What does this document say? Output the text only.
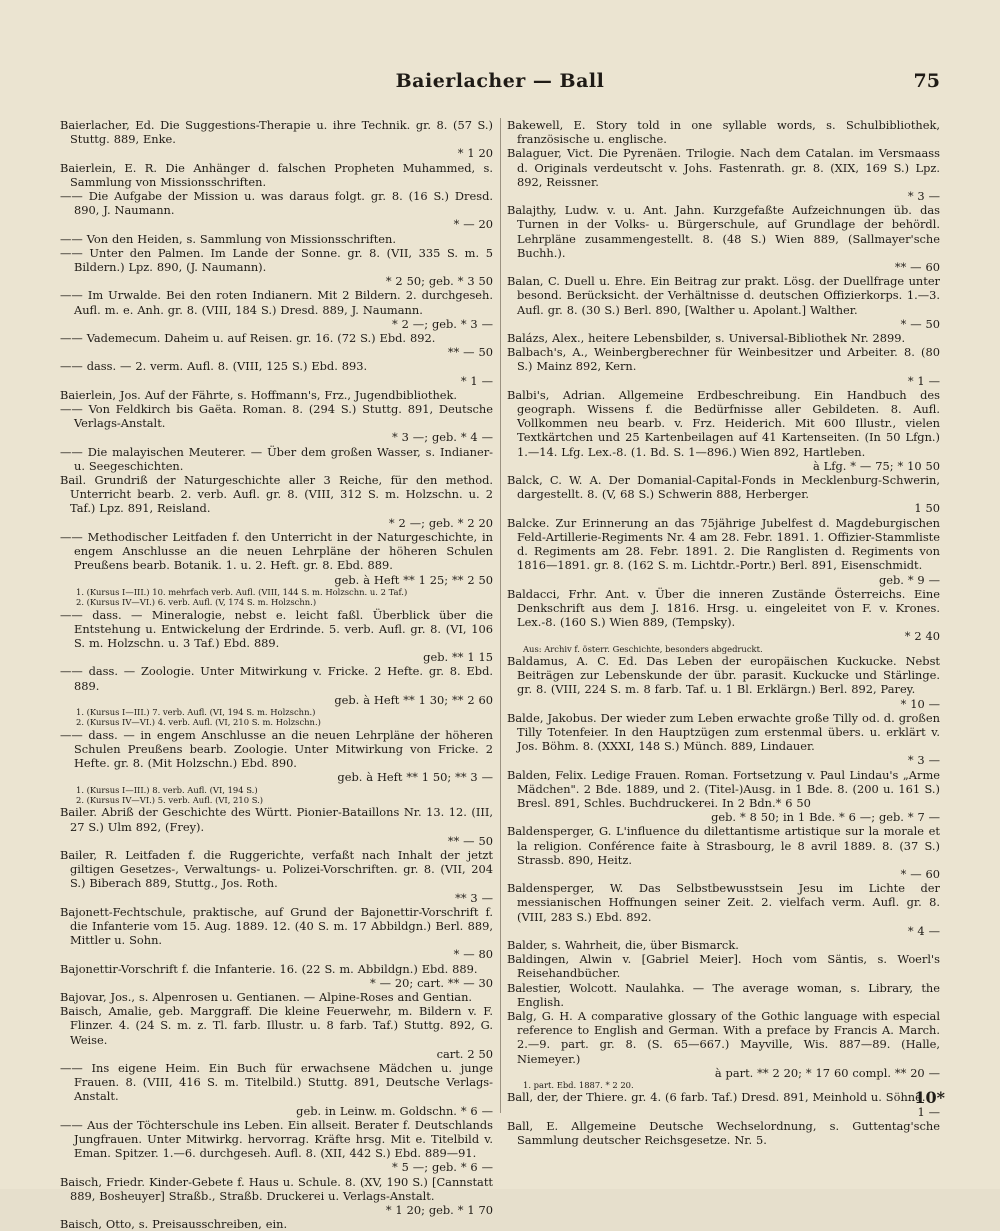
Baierlacher — Ball	75

Baierlacher, Ed. Die Suggestions-Therapie u. ihre Technik. gr. 8. (57 S.) Stuttg. 889, Enke.
* 1 20

Baierlein, E. R. Die Anhänger d. falschen Propheten Muhammed, s. Sammlung von Missionsschriften.

—— Die Aufgabe der Mission u. was daraus folgt. gr. 8. (16 S.) Dresd. 890, J. Naumann.
* — 20

—— Von den Heiden, s. Sammlung von Missionsschriften.

—— Unter den Palmen. Im Lande der Sonne. gr. 8. (VII, 335 S. m. 5 Bildern.) Lpz. 890, (J. Naumann).
* 2 50; geb. * 3 50

—— Im Urwalde. Bei den roten Indianern. Mit 2 Bildern. 2. durchgeseh. Aufl. m. e. Anh. gr. 8. (VIII, 184 S.) Dresd. 889, J. Naumann.
* 2 —; geb. * 3 —

—— Vademecum. Daheim u. auf Reisen. gr. 16. (72 S.) Ebd. 892.
** — 50

—— dass. — 2. verm. Aufl. 8. (VIII, 125 S.) Ebd. 893.
* 1 —

Baierlein, Jos. Auf der Fährte, s. Hoffmann's, Frz., Jugendbibliothek.

—— Von Feldkirch bis Gaëta. Roman. 8. (294 S.) Stuttg. 891, Deutsche Verlags-Anstalt.
* 3 —; geb. * 4 —

—— Die malayischen Meuterer. — Über dem großen Wasser, s. Indianer- u. Seegeschichten.

Bail. Grundriß der Naturgeschichte aller 3 Reiche, für den method. Unterricht bearb. 2. verb. Aufl. gr. 8. (VIII, 312 S. m. Holzschn. u. 2 Taf.) Lpz. 891, Reisland.
* 2 —; geb. * 2 20

—— Methodischer Leitfaden f. den Unterricht in der Naturgeschichte, in engem Anschlusse an die neuen Lehrpläne der höheren Schulen Preußens bearb. Botanik. 1. u. 2. Heft. gr. 8. Ebd. 889.
geb. à Heft ** 1 25; ** 2 50

1. (Kursus I—III.) 10. mehrfach verb. Aufl. (VIII, 144 S. m. Holzschn. u. 2 Taf.)

2. (Kursus IV—VI.) 6. verb. Aufl. (V, 174 S. m. Holzschn.)

—— dass. — Mineralogie, nebst e. leicht faßl. Überblick über die Entstehung u. Entwickelung der Erdrinde. 5. verb. Aufl. gr. 8. (VI, 106 S. m. Holzschn. u. 3 Taf.) Ebd. 889.
geb. ** 1 15

—— dass. — Zoologie. Unter Mitwirkung v. Fricke. 2 Hefte. gr. 8. Ebd. 889.
geb. à Heft ** 1 30; ** 2 60

1. (Kursus I—III.) 7. verb. Aufl. (VI, 194 S. m. Holzschn.)

2. (Kursus IV—VI.) 4. verb. Aufl. (VI, 210 S. m. Holzschn.)

—— dass. — in engem Anschlusse an die neuen Lehrpläne der höheren Schulen Preußens bearb. Zoologie. Unter Mitwirkung von Fricke. 2 Hefte. gr. 8. (Mit Holzschn.) Ebd. 890.
geb. à Heft ** 1 50; ** 3 —

1. (Kursus I—III.) 8. verb. Aufl. (VI, 194 S.)

2. (Kursus IV—VI.) 5. verb. Aufl. (VI, 210 S.)

Bailer. Abriß der Geschichte des Württ. Pionier-Bataillons Nr. 13. 12. (III, 27 S.) Ulm 892, (Frey).
** — 50

Bailer, R. Leitfaden f. die Ruggerichte, verfaßt nach Inhalt der jetzt giltigen Gesetzes-, Verwaltungs- u. Polizei-Vorschriften. gr. 8. (VII, 204 S.) Biberach 889, Stuttg., Jos. Roth.
** 3 —

Bajonett-Fechtschule, praktische, auf Grund der Bajonettir-Vorschrift f. die Infanterie vom 15. Aug. 1889. 12. (40 S. m. 17 Abbildgn.) Berl. 889, Mittler u. Sohn.
* — 80

Bajonettir-Vorschrift f. die Infanterie. 16. (22 S. m. Abbildgn.) Ebd. 889.
* — 20; cart. ** — 30

Bajovar, Jos., s. Alpenrosen u. Gentianen. — Alpine-Roses and Gentian.

Baisch, Amalie, geb. Marggraff. Die kleine Feuerwehr, m. Bildern v. F. Flinzer. 4. (24 S. m. z. Tl. farb. Illustr. u. 8 farb. Taf.) Stuttg. 892, G. Weise.
cart. 2 50

—— Ins eigene Heim. Ein Buch für erwachsene Mädchen u. junge Frauen. 8. (VIII, 416 S. m. Titelbild.) Stuttg. 891, Deutsche Verlags-Anstalt.
geb. in Leinw. m. Goldschn. * 6 —

—— Aus der Töchterschule ins Leben. Ein allseit. Berater f. Deutschlands Jungfrauen. Unter Mitwirkg. hervorrag. Kräfte hrsg. Mit e. Titelbild v. Eman. Spitzer. 1.—6. durchgeseh. Aufl. 8. (XII, 442 S.) Ebd. 889—91.
* 5 —; geb. * 6 —

Baisch, Friedr. Kinder-Gebete f. Haus u. Schule. 8. (XV, 190 S.) [Cannstatt 889, Bosheuyer] Straßb., Straßb. Druckerei u. Verlags-Anstalt.
* 1 20; geb. * 1 70

Baisch, Otto, s. Preisausschreiben, ein.

Bakewell, E. Story told in one syllable words, s. Schulbibliothek, französische u. englische.

Balaguer, Vict. Die Pyrenäen. Trilogie. Nach dem Catalan. im Versmaass d. Originals verdeutscht v. Johs. Fastenrath. gr. 8. (XIX, 169 S.) Lpz. 892, Reissner.
* 3 —

Balajthy, Ludw. v. u. Ant. Jahn. Kurzgefaßte Aufzeichnungen üb. das Turnen in der Volks- u. Bürgerschule, auf Grundlage der behördl. Lehrpläne zusammengestellt. 8. (48 S.) Wien 889, (Sallmayer'sche Buchh.).
** — 60

Balan, C. Duell u. Ehre. Ein Beitrag zur prakt. Lösg. der Duellfrage unter besond. Berücksicht. der Verhältnisse d. deutschen Offizierkorps. 1.—3. Aufl. gr. 8. (30 S.) Berl. 890, [Walther u. Apolant.] Walther.
* — 50

Balázs, Alex., heitere Lebensbilder, s. Universal-Bibliothek Nr. 2899.

Balbach's, A., Weinbergberechner für Weinbesitzer und Arbeiter. 8. (80 S.) Mainz 892, Kern.
* 1 —

Balbi's, Adrian. Allgemeine Erdbeschreibung. Ein Handbuch des geograph. Wissens f. die Bedürfnisse aller Gebildeten. 8. Aufl. Vollkommen neu bearb. v. Frz. Heiderich. Mit 600 Illustr., vielen Textkärtchen und 25 Kartenbeilagen auf 41 Kartenseiten. (In 50 Lfgn.) 1.—14. Lfg. Lex.-8. (1. Bd. S. 1—896.) Wien 892, Hartleben.
à Lfg. * — 75; * 10 50

Balck, C. W. A. Der Domanial-Capital-Fonds in Mecklenburg-Schwerin, dargestellt. 8. (V, 68 S.) Schwerin 888, Herberger.
1 50

Balcke. Zur Erinnerung an das 75jährige Jubelfest d. Magdeburgischen Feld-Artillerie-Regiments Nr. 4 am 28. Febr. 1891. 1. Offizier-Stammliste d. Regiments am 28. Febr. 1891. 2. Die Ranglisten d. Regiments von 1816—1891. gr. 8. (162 S. m. Lichtdr.-Portr.) Berl. 891, Eisenschmidt.
geb. * 9 —

Baldacci, Frhr. Ant. v. Über die inneren Zustände Österreichs. Eine Denkschrift aus dem J. 1816. Hrsg. u. eingeleitet von F. v. Krones. Lex.-8. (160 S.) Wien 889, (Tempsky).
* 2 40

Aus: Archiv f. österr. Geschichte, besonders abgedruckt.

Baldamus, A. C. Ed. Das Leben der europäischen Kuckucke. Nebst Beiträgen zur Lebenskunde der übr. parasit. Kuckucke und Stärlinge. gr. 8. (VIII, 224 S. m. 8 farb. Taf. u. 1 Bl. Erklärgn.) Berl. 892, Parey.
* 10 —

Balde, Jakobus. Der wieder zum Leben erwachte große Tilly od. d. großen Tilly Totenfeier. In den Hauptzügen zum erstenmal übers. u. erklärt v. Jos. Böhm. 8. (XXXI, 148 S.) Münch. 889, Lindauer.
* 3 —

Balden, Felix. Ledige Frauen. Roman. Fortsetzung v. Paul Lindau's „Arme Mädchen". 2 Bde. 1889, und 2. (Titel-)Ausg. in 1 Bde. 8. (200 u. 161 S.) Bresl. 891, Schles. Buchdruckerei. In 2 Bdn.* 6 50
geb. * 8 50; in 1 Bde. * 6 —; geb. * 7 —

Baldensperger, G. L'influence du dilettantisme artistique sur la morale et la religion. Conférence faite à Strasbourg, le 8 avril 1889. 8. (37 S.) Strassb. 890, Heitz.
* — 60

Baldensperger, W. Das Selbstbewusstsein Jesu im Lichte der messianischen Hoffnungen seiner Zeit. 2. vielfach verm. Aufl. gr. 8. (VIII, 283 S.) Ebd. 892.
* 4 —

Balder, s. Wahrheit, die, über Bismarck.

Baldingen, Alwin v. [Gabriel Meier]. Hoch vom Säntis, s. Woerl's Reisehandbücher.

Balestier, Wolcott. Naulahka. — The average woman, s. Library, the English.

Balg, G. H. A comparative glossary of the Gothic language with especial reference to English and German. With a preface by Francis A. March. 2.—9. part. gr. 8. (S. 65—667.) Mayville, Wis. 887—89. (Halle, Niemeyer.)
à part. ** 2 20; * 17 60 compl. ** 20 —

1. part. Ebd. 1887. * 2 20.

Ball, der, der Thiere. gr. 4. (6 farb. Taf.) Dresd. 891, Meinhold u. Söhne.
1 —

Ball, E. Allgemeine Deutsche Wechselordnung, s. Guttentag'sche Sammlung deutscher Reichsgesetze. Nr. 5.

10*
